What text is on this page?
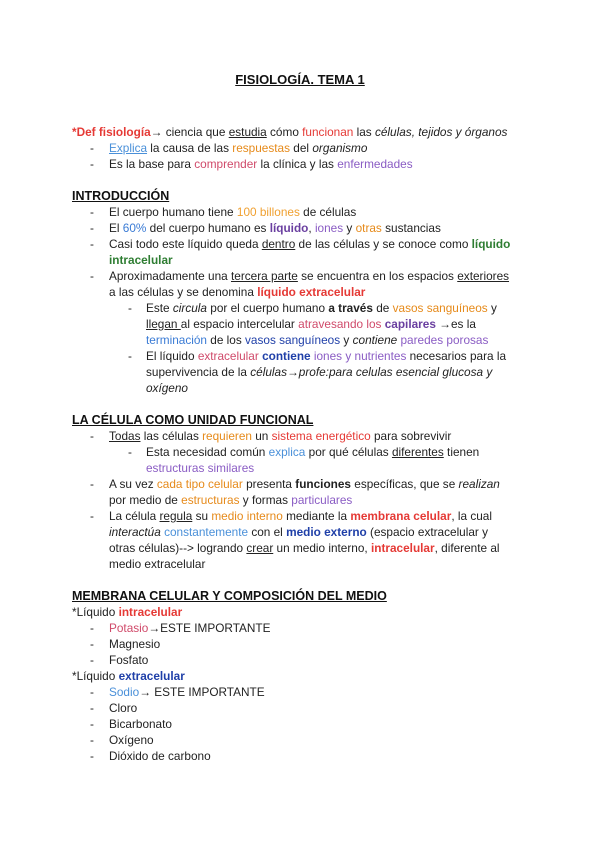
FISIOLOGÍA. TEMA 1
*Def fisiología→ ciencia que estudia cómo funcionan las células, tejidos y órganos
- Explica la causa de las respuestas del organismo
- Es la base para comprender la clínica y las enfermedades
INTRODUCCIÓN
- El cuerpo humano tiene 100 billones de células
- El 60% del cuerpo humano es líquido, iones y otras sustancias
- Casi todo este líquido queda dentro de las células y se conoce como líquido
intracelular
- Aproximadamente una tercera parte se encuentra en los espacios exteriores
a las células y se denomina líquido extracelular
- Este circula por el cuerpo humano a través de vasos sanguíneos y
llegan al espacio intercelular atravesando los capilares →es la
terminación de los vasos sanguíneos y contiene paredes porosas
- El líquido extracelular contiene iones y nutrientes necesarios para la
supervivencia de la células→profe:para celulas esencial glucosa y
oxígeno
LA CÉLULA COMO UNIDAD FUNCIONAL
- Todas las células requieren un sistema energético para sobrevivir
- Esta necesidad común explica por qué células diferentes tienen
estructuras similares
- A su vez cada tipo celular presenta funciones específicas, que se realizan
por medio de estructuras y formas particulares
- La célula regula su medio interno mediante la membrana celular, la cual
interactúa constantemente con el medio externo (espacio extracelular y
otras células)--> logrando crear un medio interno, intracelular, diferente al
medio extracelular
MEMBRANA CELULAR Y COMPOSICIÓN DEL MEDIO
*Líquido intracelular
- Potasio→ESTE IMPORTANTE
- Magnesio
- Fosfato
*Líquido extracelular
- Sodio→ ESTE IMPORTANTE
- Cloro
- Bicarbonato
- Oxígeno
- Dióxido de carbono
